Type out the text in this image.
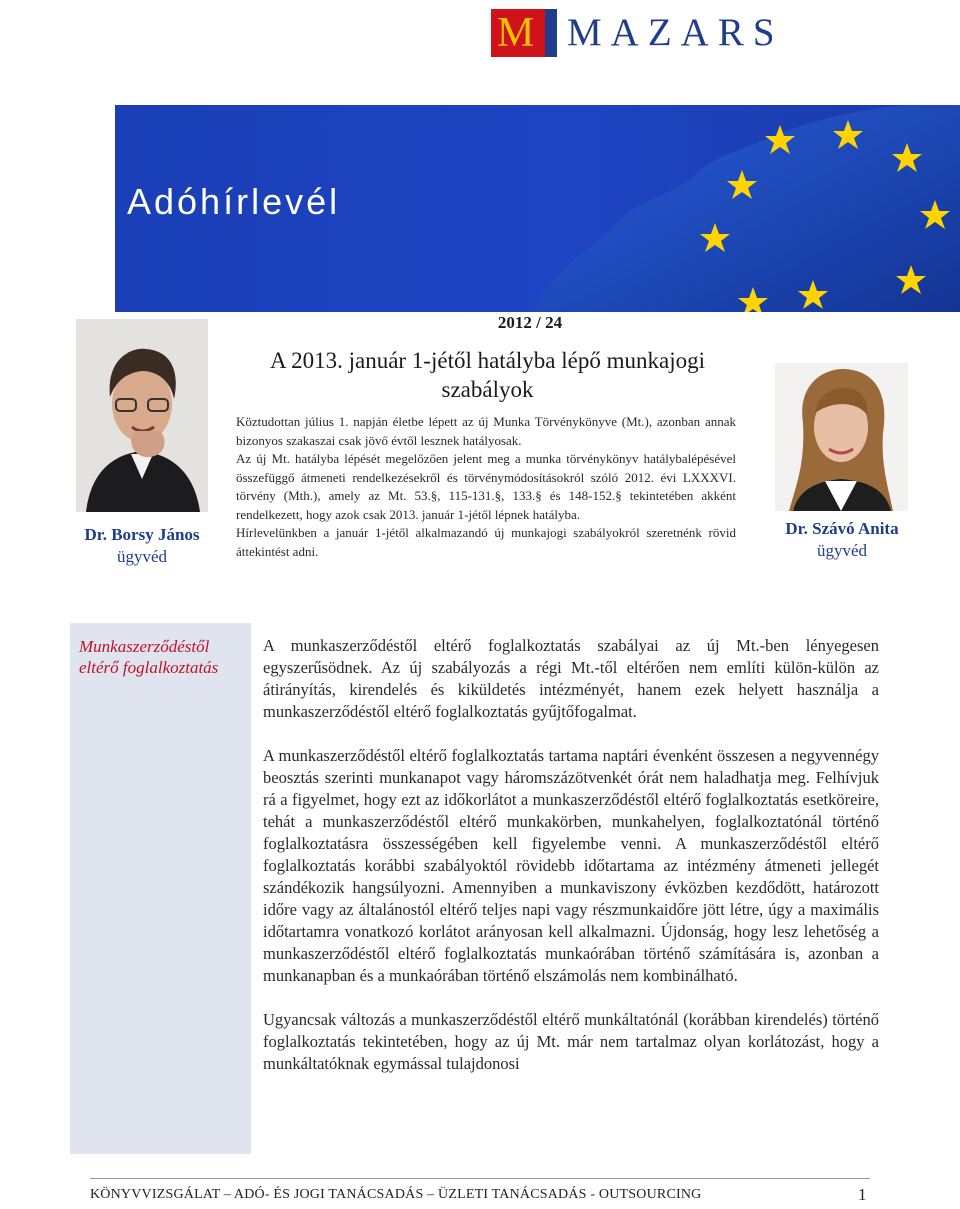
M MAZARS
Adóhírlevél
Dr. Borsy János
ügyvéd
Dr. Szávó Anita
ügyvéd
2012 / 24
A 2013. január 1-jétől hatályba lépő munkajogi szabályok

Köztudottan július 1. napján életbe lépett az új Munka Törvénykönyve (Mt.), azonban annak bizonyos szakaszai csak jövő évtől lesznek hatályosak.

Az új Mt. hatályba lépését megelőzően jelent meg a munka törvénykönyv hatálybalépésével összefüggő átmeneti rendelkezésekről és törvénymódosításokról szóló 2012. évi LXXXVI. törvény (Mth.), amely az Mt. 53.§, 115-131.§, 133.§ és 148-152.§ tekintetében akként rendelkezett, hogy azok csak 2013. január 1-jétől lépnek hatályba.

Hírlevelünkben a január 1-jétől alkalmazandó új munkajogi szabályokról szeretnénk rövid áttekintést adni.

Munkaszerződéstől eltérő foglalkoztatás

A munkaszerződéstől eltérő foglalkoztatás szabályai az új Mt.-ben lényegesen egyszerűsödnek. Az új szabályozás a régi Mt.-től eltérően nem említi külön-külön az átirányítás, kirendelés és kiküldetés intézményét, hanem ezek helyett használja a munkaszerződéstől eltérő foglalkoztatás gyűjtőfogalmat.

A munkaszerződéstől eltérő foglalkoztatás tartama naptári évenként összesen a negyvennégy beosztás szerinti munkanapot vagy háromszázötvenkét órát nem haladhatja meg. Felhívjuk rá a figyelmet, hogy ezt az időkorlátot a munkaszerződéstől eltérő foglalkoztatás esetköreire, tehát a munkaszerződéstől eltérő munkakörben, munkahelyen, foglalkoztatónál történő foglalkoztatásra összességében kell figyelembe venni. A munkaszerződéstől eltérő foglalkoztatás korábbi szabályoktól rövidebb időtartama az intézmény átmeneti jellegét szándékozik hangsúlyozni. Amennyiben a munkaviszony évközben kezdődött, határozott időre vagy az általánostól eltérő teljes napi vagy részmunkaidőre jött létre, úgy a maximális időtartamra vonatkozó korlátot arányosan kell alkalmazni. Újdonság, hogy lesz lehetőség a munkaszerződéstől eltérő foglalkoztatás munkaórában történő számítására is, azonban a munkanapban és a munkaórában történő elszámolás nem kombinálható.

Ugyancsak változás a munkaszerződéstől eltérő munkáltatónál (korábban kirendelés) történő foglalkoztatás tekintetében, hogy az új Mt. már nem tartalmaz olyan korlátozást, hogy a munkáltatóknak egymással tulajdonosi

KÖNYVVIZSGÁLAT – ADÓ- ÉS JOGI TANÁCSADÁS – ÜZLETI TANÁCSADÁS - OUTSOURCING	1
